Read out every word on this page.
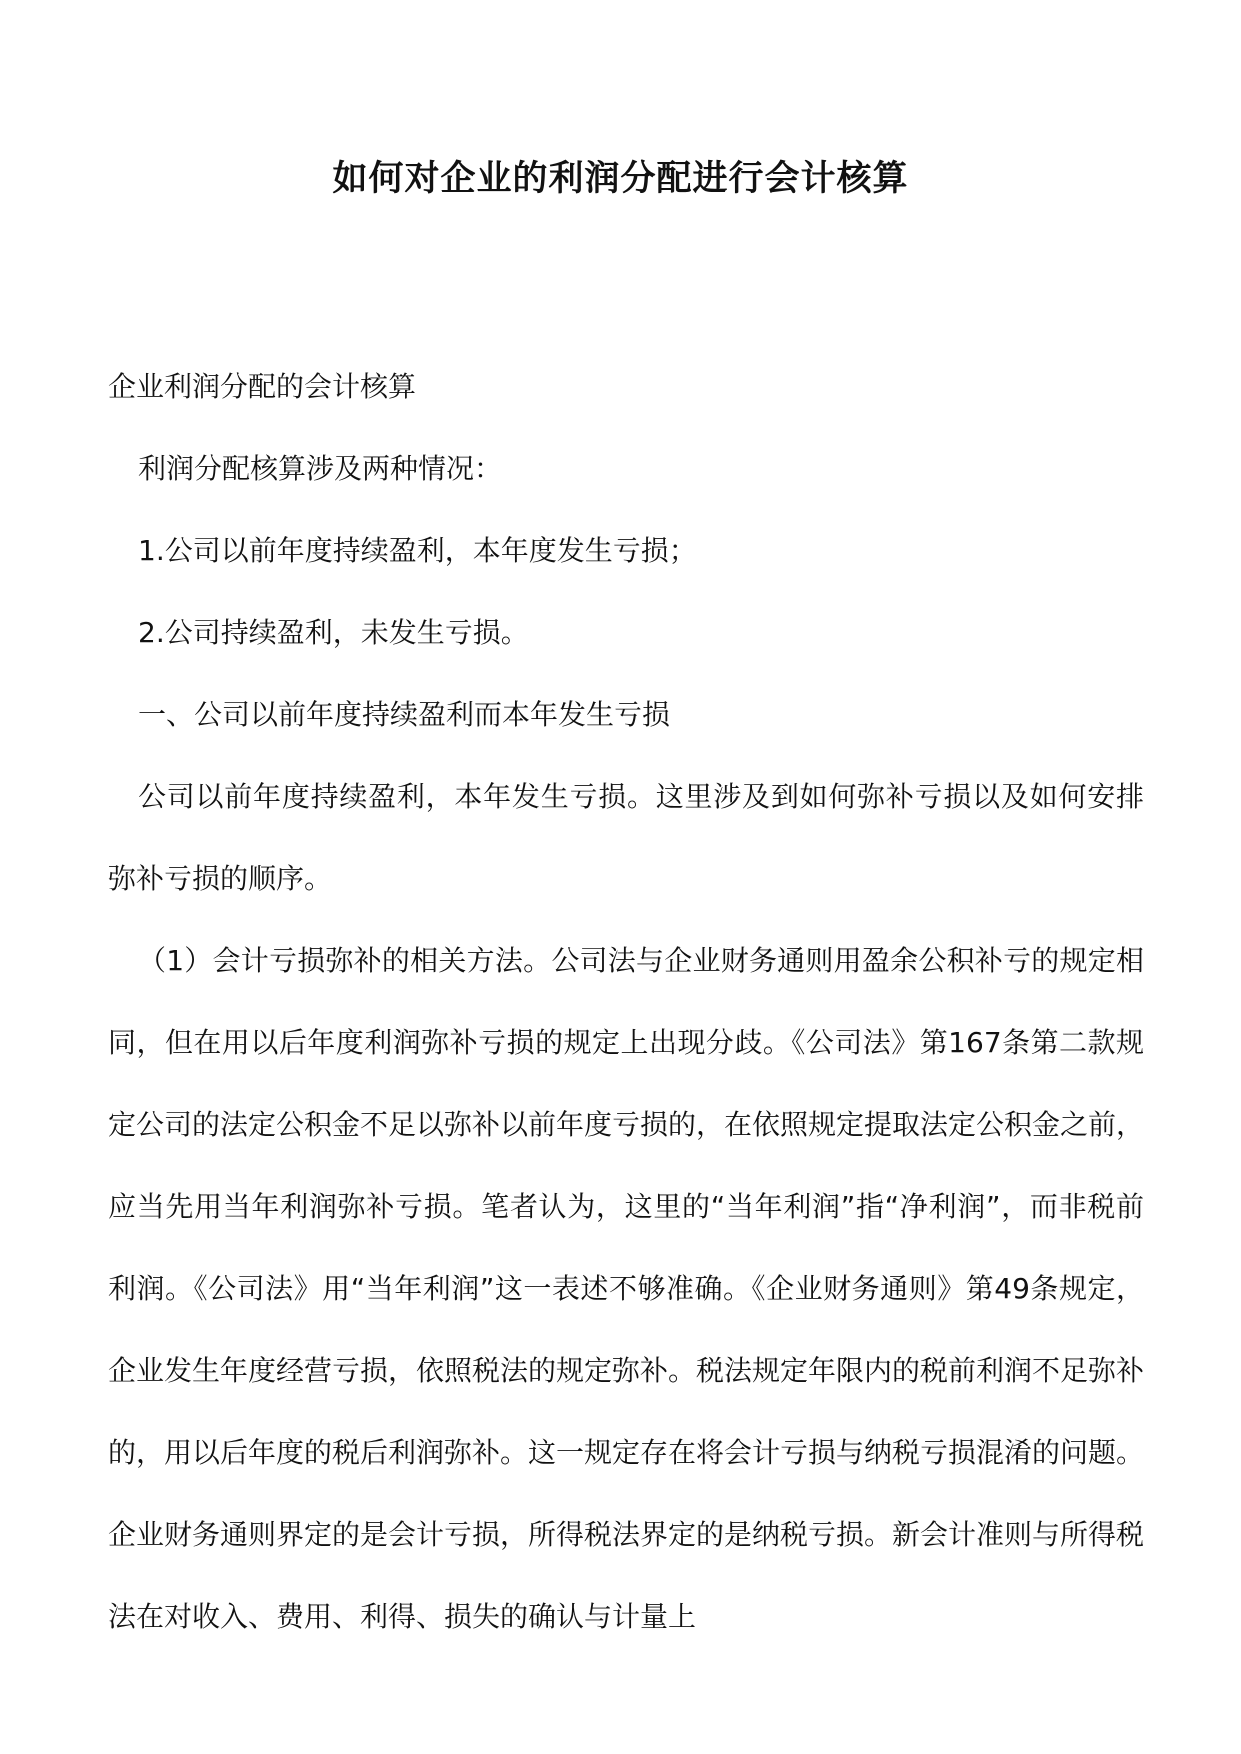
如何对企业的利润分配进行会计核算

企业利润分配的会计核算

利润分配核算涉及两种情况：

1.公司以前年度持续盈利，本年度发生亏损；

2.公司持续盈利，未发生亏损。

一、公司以前年度持续盈利而本年发生亏损

公司以前年度持续盈利，本年发生亏损。这里涉及到如何弥补亏损以及如何安排弥补亏损的顺序。

（1）会计亏损弥补的相关方法。公司法与企业财务通则用盈余公积补亏的规定相同，但在用以后年度利润弥补亏损的规定上出现分歧。《公司法》第167条第二款规定公司的法定公积金不足以弥补以前年度亏损的，在依照规定提取法定公积金之前，应当先用当年利润弥补亏损。笔者认为，这里的“当年利润”指“净利润”，而非税前利润。《公司法》用“当年利润”这一表述不够准确。《企业财务通则》第49条规定，企业发生年度经营亏损，依照税法的规定弥补。税法规定年限内的税前利润不足弥补的，用以后年度的税后利润弥补。这一规定存在将会计亏损与纳税亏损混淆的问题。企业财务通则界定的是会计亏损，所得税法界定的是纳税亏损。新会计准则与所得税法在对收入、费用、利得、损失的确认与计量上
